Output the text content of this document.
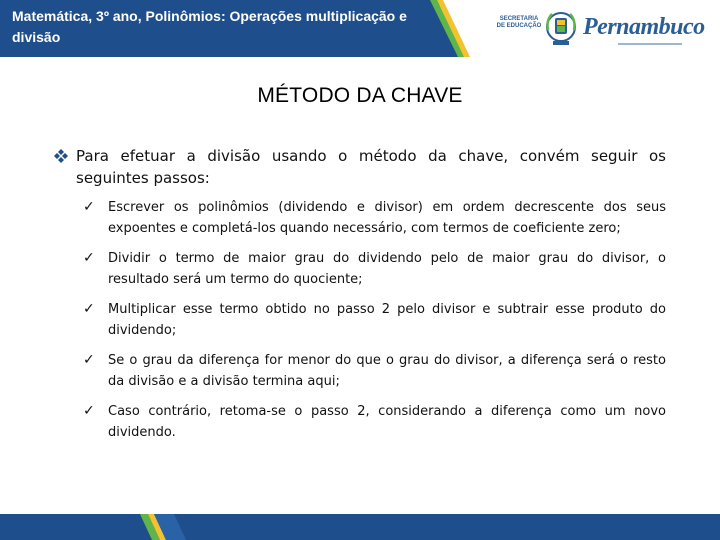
Matemática, 3º ano, Polinômios: Operações multiplicação e divisão
SECRETARIA DE EDUCAÇÃO Pernambuco
MÉTODO DA CHAVE
Para efetuar a divisão usando o método da chave, convém seguir os seguintes passos:
✓	Escrever os polinômios (dividendo e divisor) em ordem decrescente dos seus expoentes e completá-los quando necessário, com termos de coeficiente zero;
✓	Dividir o termo de maior grau do dividendo pelo de maior grau do divisor, o resultado será um termo do quociente;
✓	Multiplicar esse termo obtido no passo 2 pelo divisor e subtrair esse produto do dividendo;
✓	Se o grau da diferença for menor do que o grau do divisor, a diferença será o resto da divisão e a divisão termina aqui;
✓	Caso contrário, retoma-se o passo 2, considerando a diferença como um novo dividendo.
